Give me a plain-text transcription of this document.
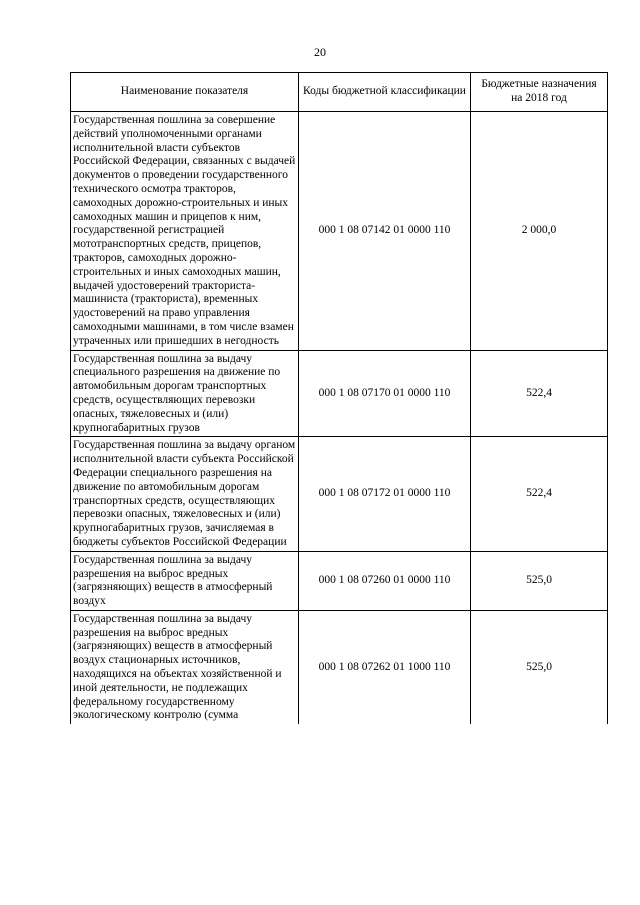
20
Наименование показателя	Коды бюджетной классификации	Бюджетные назначения на 2018 год
Государственная пошлина за совершение действий уполномоченными органами исполнительной власти субъектов Российской Федерации, связанных с выдачей документов о проведении государственного технического осмотра тракторов, самоходных дорожно-строительных и иных самоходных машин и прицепов к ним, государственной регистрацией мототранспортных средств, прицепов, тракторов, самоходных дорожно-строительных и иных самоходных машин, выдачей удостоверений тракториста-машиниста (тракториста), временных удостоверений на право управления самоходными машинами, в том числе взамен утраченных или пришедших в негодность	000 1 08 07142 01 0000 110	2 000,0
Государственная пошлина за выдачу специального разрешения на движение по автомобильным дорогам транспортных средств, осуществляющих перевозки опасных, тяжеловесных и (или) крупногабаритных грузов	000 1 08 07170 01 0000 110	522,4
Государственная пошлина за выдачу органом исполнительной власти субъекта Российской Федерации специального разрешения на движение по автомобильным дорогам транспортных средств, осуществляющих перевозки опасных, тяжеловесных и (или) крупногабаритных грузов, зачисляемая в бюджеты субъектов Российской Федерации	000 1 08 07172 01 0000 110	522,4
Государственная пошлина за выдачу разрешения на выброс вредных (загрязняющих) веществ в атмосферный воздух	000 1 08 07260 01 0000 110	525,0
Государственная пошлина за выдачу разрешения на выброс вредных (загрязняющих) веществ в атмосферный воздух стационарных источников, находящихся на объектах хозяйственной и иной деятельности, не подлежащих федеральному государственному экологическому контролю (сумма	000 1 08 07262 01 1000 110	525,0
